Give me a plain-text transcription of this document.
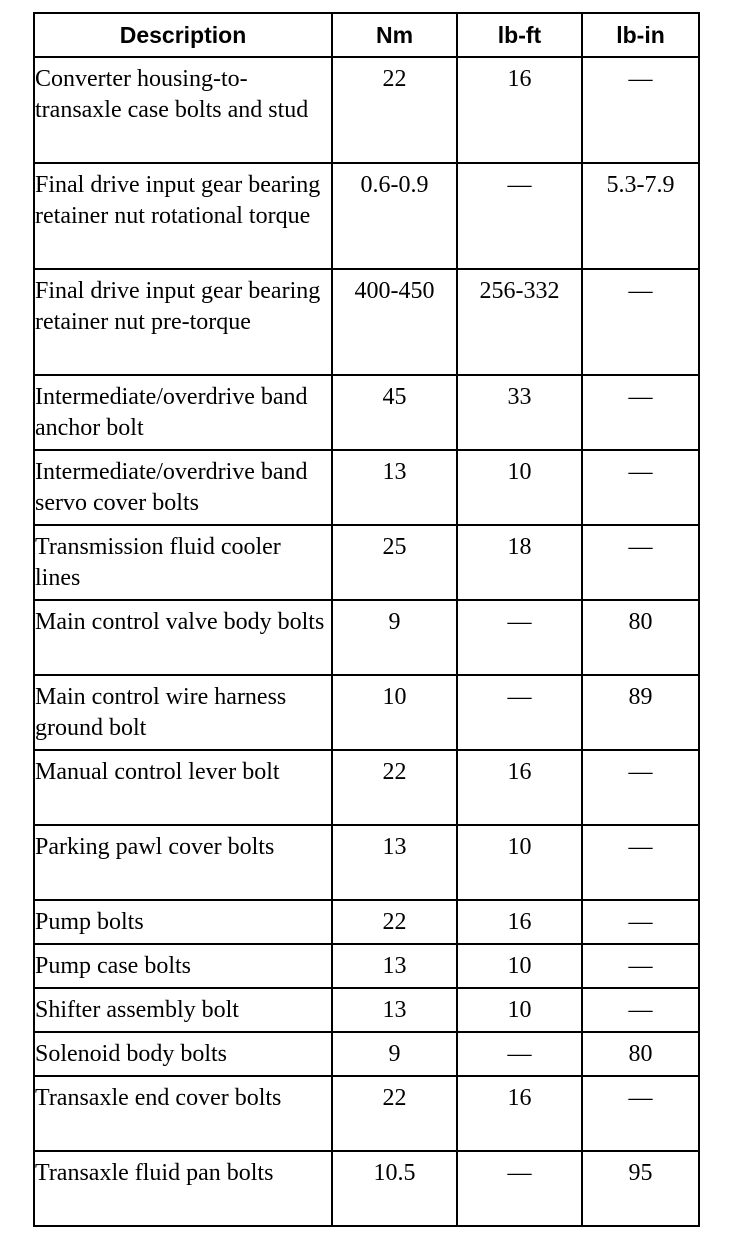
Description	Nm	lb-ft	lb-in
Converter housing-to-transaxle case bolts and stud	22	16	—
Final drive input gear bearing retainer nut rotational torque	0.6-0.9	—	5.3-7.9
Final drive input gear bearing retainer nut pre-torque	400-450	256-332	—
Intermediate/overdrive band anchor bolt	45	33	—
Intermediate/overdrive band servo cover bolts	13	10	—
Transmission fluid cooler lines	25	18	—
Main control valve body bolts	9	—	80
Main control wire harness ground bolt	10	—	89
Manual control lever bolt	22	16	—
Parking pawl cover bolts	13	10	—
Pump bolts	22	16	—
Pump case bolts	13	10	—
Shifter assembly bolt	13	10	—
Solenoid body bolts	9	—	80
Transaxle end cover bolts	22	16	—
Transaxle fluid pan bolts	10.5	—	95
